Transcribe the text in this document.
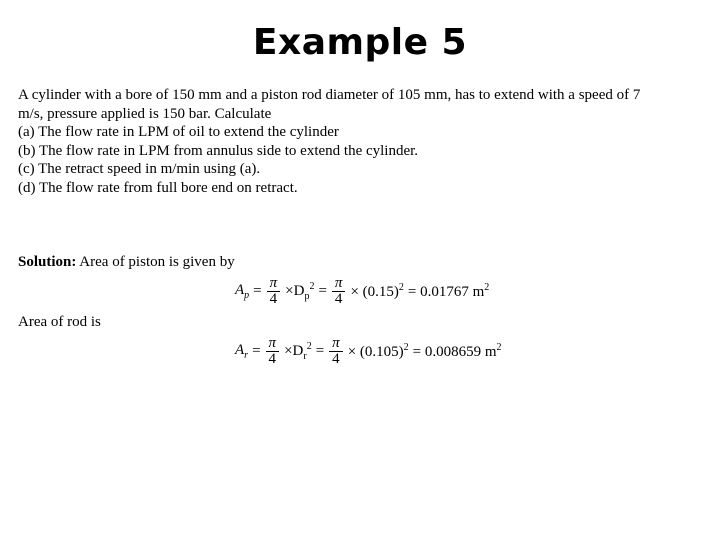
Example 5
A cylinder with a bore of 150 mm and a piston rod diameter of 105 mm, has to extend with a speed of 7
m/s, pressure applied is 150 bar. Calculate
(a) The flow rate in LPM of oil to extend the cylinder
(b) The flow rate in LPM from annulus side to extend the cylinder.
(c) The retract speed in m/min using (a).
(d) The flow rate from full bore end on retract.
Solution: Area of piston is given by
$A_p = \frac{\pi}{4} \times D_p^2 = \frac{\pi}{4} \times (0.15)^2 = 0.01767$ $m^2$
Area of rod is
$A_r = \frac{\pi}{4} \times D_r^2 = \frac{\pi}{4} \times (0.105)^2 = 0.008659$ $m^2$
